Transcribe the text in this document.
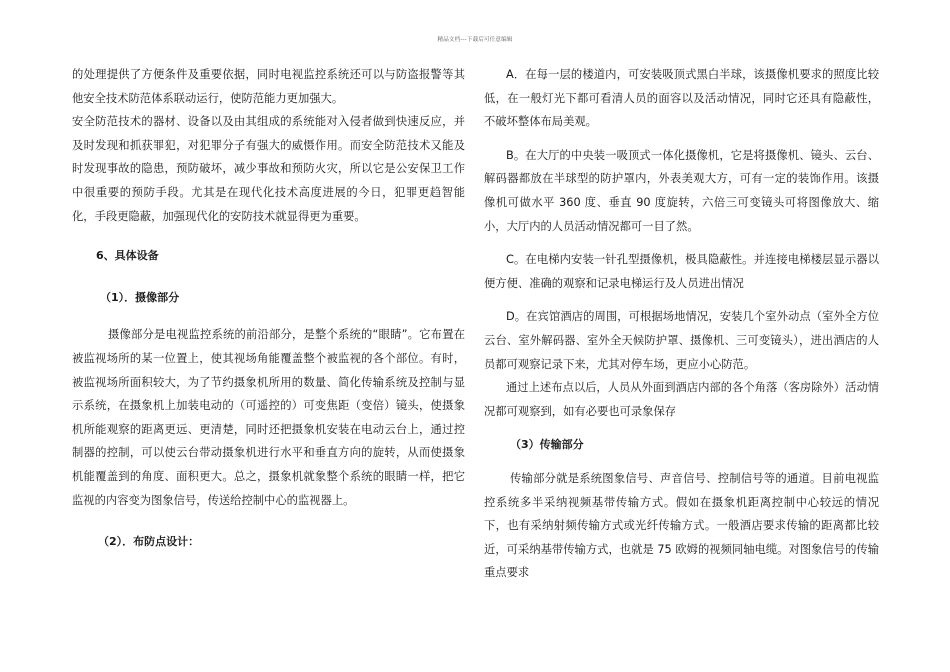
精品文档---下载后可任意编辑

的处理提供了方便条件及重要依据，同时电视监控系统还可以与防盗报警等其他安全技术防范体系联动运行，使防范能力更加强大。

安全防范技术的器材、设备以及由其组成的系统能对入侵者做到快速反应，并及时发现和抓获罪犯，对犯罪分子有强大的威慑作用。而安全防范技术又能及时发现事故的隐患，预防破坏，减少事故和预防火灾，所以它是公安保卫工作中很重要的预防手段。尤其是在现代化技术高度进展的今日，犯罪更趋智能化，手段更隐蔽，加强现代化的安防技术就显得更为重要。

6、具体设备

（1）．摄像部分

摄像部分是电视监控系统的前沿部分，是整个系统的“眼睛”。它布置在被监视场所的某一位置上，使其视场角能覆盖整个被监视的各个部位。有时，被监视场所面积较大，为了节约摄象机所用的数量、简化传输系统及控制与显示系统，在摄象机上加装电动的（可遥控的）可变焦距（变倍）镜头，使摄象机所能观察的距离更远、更清楚，同时还把摄象机安装在电动云台上，通过控制器的控制，可以使云台带动摄象机进行水平和垂直方向的旋转，从而使摄象机能覆盖到的角度、面积更大。总之，摄象机就象整个系统的眼睛一样，把它监视的内容变为图象信号，传送给控制中心的监视器上。

（2）．布防点设计：

A．在每一层的楼道内，可安装吸顶式黑白半球，该摄像机要求的照度比较低，在一般灯光下都可看清人员的面容以及活动情况，同时它还具有隐蔽性，不破坏整体布局美观。

B。在大厅的中央装一吸顶式一体化摄像机，它是将摄像机、镜头、云台、解码器都放在半球型的防护罩内，外表美观大方，可有一定的装饰作用。该摄像机可做水平 360 度、垂直 90 度旋转，六倍三可变镜头可将图像放大、缩小，大厅内的人员活动情况都可一目了然。

C。在电梯内安装一针孔型摄像机，极具隐蔽性。并连接电梯楼层显示器以便方便、准确的观察和记录电梯运行及人员进出情况

D。在宾馆酒店的周围，可根据场地情况，安装几个室外动点（室外全方位云台、室外解码器、室外全天候防护罩、摄像机、三可变镜头），进出酒店的人员都可观察记录下来，尤其对停车场，更应小心防范。

通过上述布点以后，人员从外面到酒店内部的各个角落（客房除外）活动情况都可观察到，如有必要也可录象保存

（3）传输部分

传输部分就是系统图象信号、声音信号、控制信号等的通道。目前电视监控系统多半采纳视频基带传输方式。假如在摄象机距离控制中心较远的情况下，也有采纳射频传输方式或光纤传输方式。一般酒店要求传输的距离都比较近，可采纳基带传输方式，也就是 75 欧姆的视频同轴电缆。对图象信号的传输重点要求
